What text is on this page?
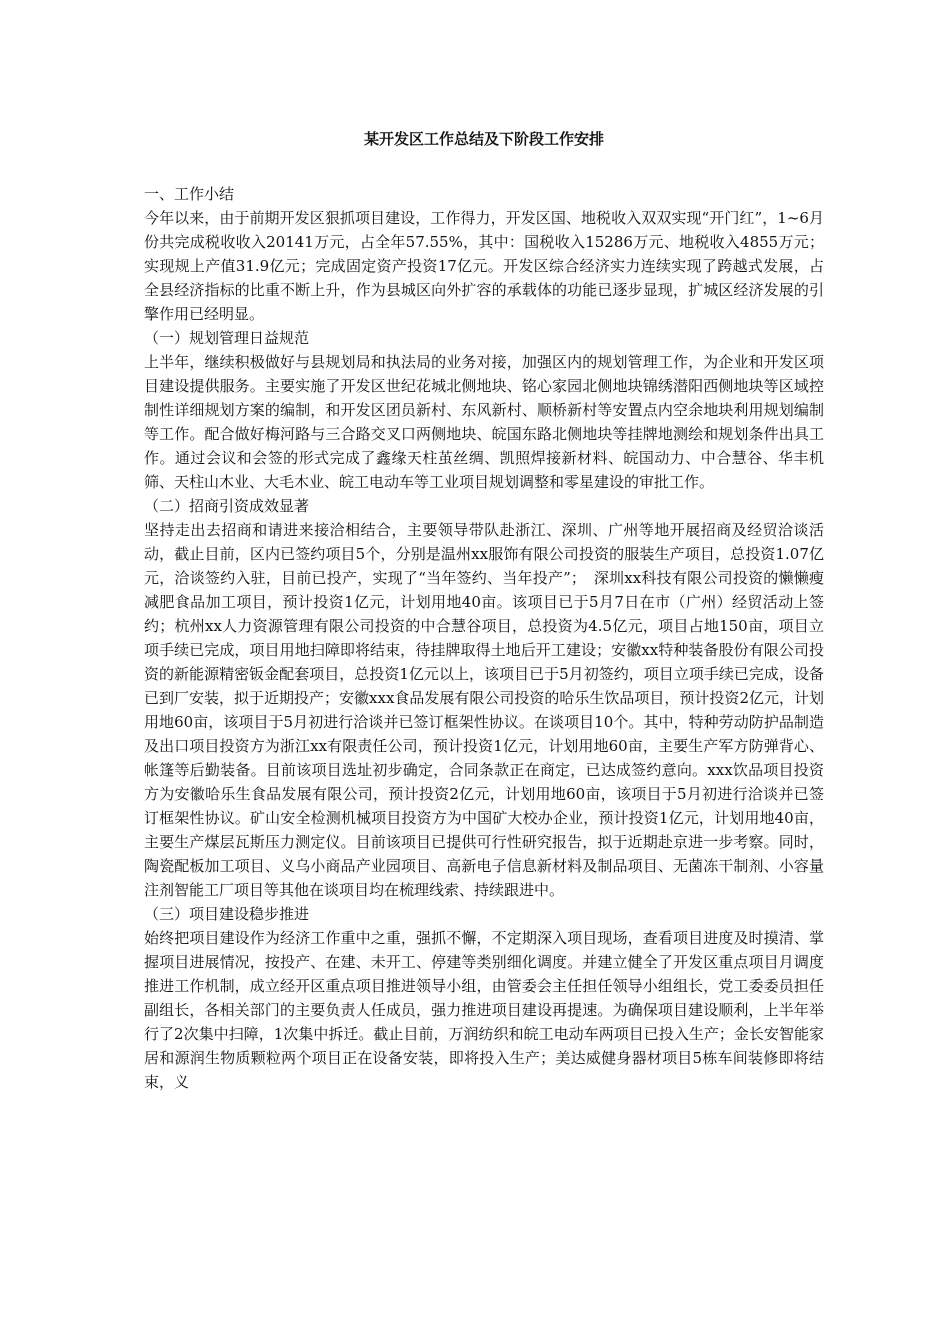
某开发区工作总结及下阶段工作安排
一、工作小结
今年以来，由于前期开发区狠抓项目建设，工作得力，开发区国、地税收入双双实现“开门红”，1~6月份共完成税收收入20141万元，占全年57.55%，其中：国税收入15286万元、地税收入4855万元；实现规上产值31.9亿元；完成固定资产投资17亿元。开发区综合经济实力连续实现了跨越式发展，占全县经济指标的比重不断上升，作为县城区向外扩容的承载体的功能已逐步显现，扩城区经济发展的引擎作用已经明显。
（一）规划管理日益规范
上半年，继续积极做好与县规划局和执法局的业务对接，加强区内的规划管理工作，为企业和开发区项目建设提供服务。主要实施了开发区世纪花城北侧地块、铭心家园北侧地块锦绣潜阳西侧地块等区域控制性详细规划方案的编制，和开发区团员新村、东风新村、顺桥新村等安置点内空余地块利用规划编制等工作。配合做好梅河路与三合路交叉口两侧地块、皖国东路北侧地块等挂牌地测绘和规划条件出具工作。通过会议和会签的形式完成了鑫缘天柱茧丝绸、凯照焊接新材料、皖国动力、中合慧谷、华丰机筛、天柱山木业、大毛木业、皖工电动车等工业项目规划调整和零星建设的审批工作。
（二）招商引资成效显著
坚持走出去招商和请进来接洽相结合，主要领导带队赴浙江、深圳、广州等地开展招商及经贸洽谈活动，截止目前，区内已签约项目5个，分别是温州xx服饰有限公司投资的服装生产项目，总投资1.07亿元，洽谈签约入驻，目前已投产，实现了“当年签约、当年投产”；　深圳xx科技有限公司投资的懒懒瘦减肥食品加工项目，预计投资1亿元，计划用地40亩。该项目已于5月7日在市（广州）经贸活动上签约；杭州xx人力资源管理有限公司投资的中合慧谷项目，总投资为4.5亿元，项目占地150亩，项目立项手续已完成，项目用地扫障即将结束，待挂牌取得土地后开工建设；安徽xx特种装备股份有限公司投资的新能源精密钣金配套项目，总投资1亿元以上，该项目已于5月初签约，项目立项手续已完成，设备已到厂安装，拟于近期投产；安徽xxx食品发展有限公司投资的哈乐生饮品项目，预计投资2亿元，计划用地60亩，该项目于5月初进行洽谈并已签订框架性协议。在谈项目10个。其中，特种劳动防护品制造及出口项目投资方为浙江xx有限责任公司，预计投资1亿元，计划用地60亩，主要生产军方防弹背心、帐篷等后勤装备。目前该项目选址初步确定，合同条款正在商定，已达成签约意向。xxx饮品项目投资方为安徽哈乐生食品发展有限公司，预计投资2亿元，计划用地60亩，该项目于5月初进行洽谈并已签订框架性协议。矿山安全检测机械项目投资方为中国矿大校办企业，预计投资1亿元，计划用地40亩，主要生产煤层瓦斯压力测定仪。目前该项目已提供可行性研究报告，拟于近期赴京进一步考察。同时，陶瓷配板加工项目、义乌小商品产业园项目、高新电子信息新材料及制品项目、无菌冻干制剂、小容量注剂智能工厂项目等其他在谈项目均在梳理线索、持续跟进中。
（三）项目建设稳步推进
始终把项目建设作为经济工作重中之重，强抓不懈，不定期深入项目现场，查看项目进度及时摸清、掌握项目进展情况，按投产、在建、未开工、停建等类别细化调度。并建立健全了开发区重点项目月调度推进工作机制，成立经开区重点项目推进领导小组，由管委会主任担任领导小组组长，党工委委员担任副组长，各相关部门的主要负责人任成员，强力推进项目建设再提速。为确保项目建设顺利，上半年举行了2次集中扫障，1次集中拆迁。截止目前，万润纺织和皖工电动车两项目已投入生产；金长安智能家居和源润生物质颗粒两个项目正在设备安装，即将投入生产；美达威健身器材项目5栋车间装修即将结束，义
